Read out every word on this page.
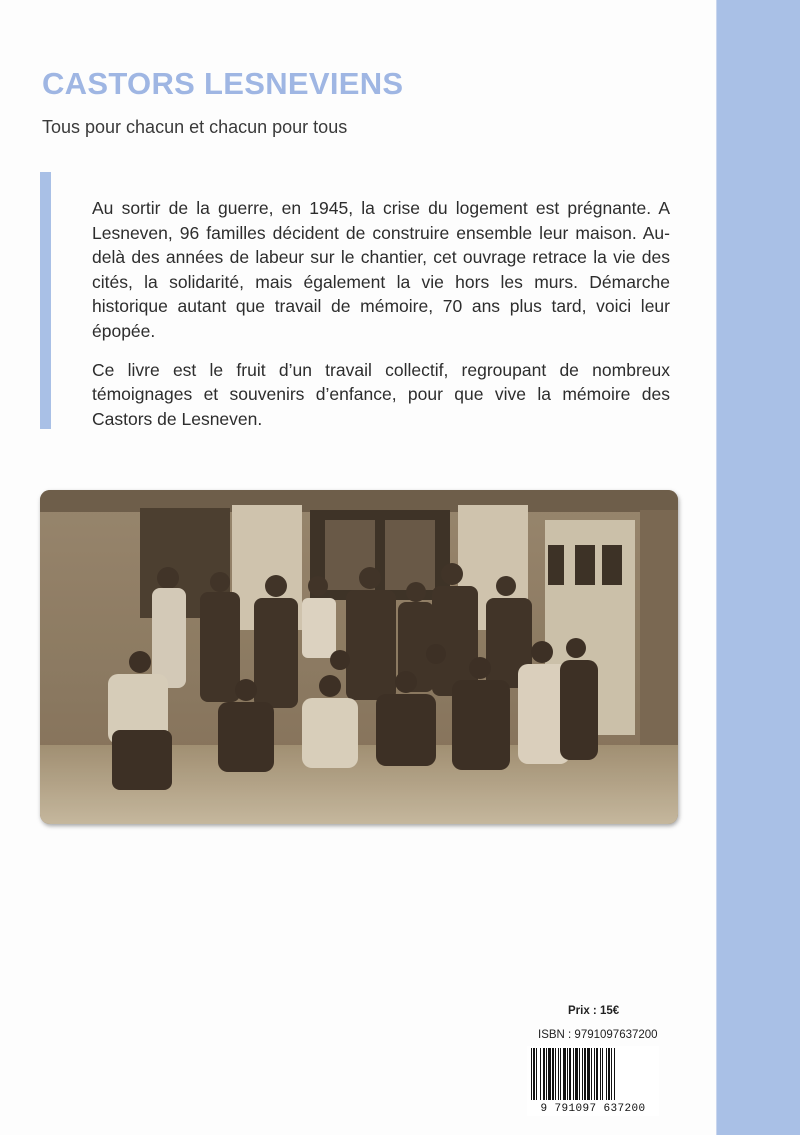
CASTORS LESNEVIENS

Tous pour chacun et chacun pour tous

Au sortir de la guerre, en 1945, la crise du logement est prégnante. A Lesneven, 96 familles décident de construire ensemble leur maison. Au-delà des années de labeur sur le chantier, cet ouvrage retrace la vie des cités, la solidarité, mais également la vie hors les murs. Démarche historique autant que travail de mémoire, 70 ans plus tard, voici leur épopée.

Ce livre est le fruit d’un travail collectif, regroupant de nombreux témoignages et souvenirs d’enfance, pour que vive la mémoire des Castors de Lesneven.

Prix : 15€
ISBN : 9791097637200
9 791097 637200
